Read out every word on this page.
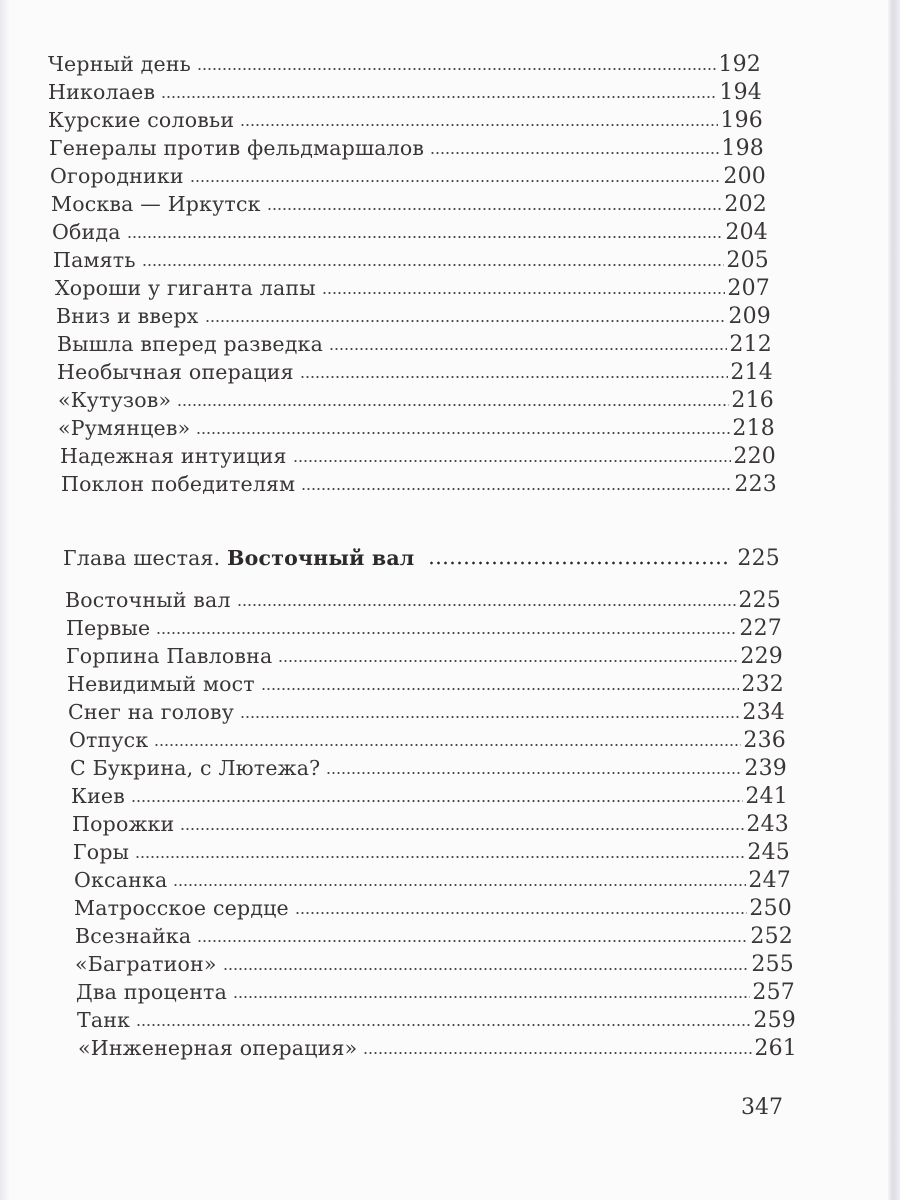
Черный день	192
Николаев	194
Курские соловьи	196
Генералы против фельдмаршалов	198
Огородники	200
Москва — Иркутск	202
Обида	204
Память	205
Хороши у гиганта лапы	207
Вниз и вверх	209
Вышла вперед разведка	212
Необычная операция	214
«Кутузов»	216
«Румянцев»	218
Надежная интуиция	220
Поклон победителям	223
Глава шестая. Восточный вал	225
Восточный вал	225
Первые	227
Горпина Павловна	229
Невидимый мост	232
Снег на голову	234
Отпуск	236
С Букрина, с Лютежа?	239
Киев	241
Порожки	243
Горы	245
Оксанка	247
Матросское сердце	250
Всезнайка	252
«Багратион»	255
Два процента	257
Танк	259
«Инженерная операция»	261
347
